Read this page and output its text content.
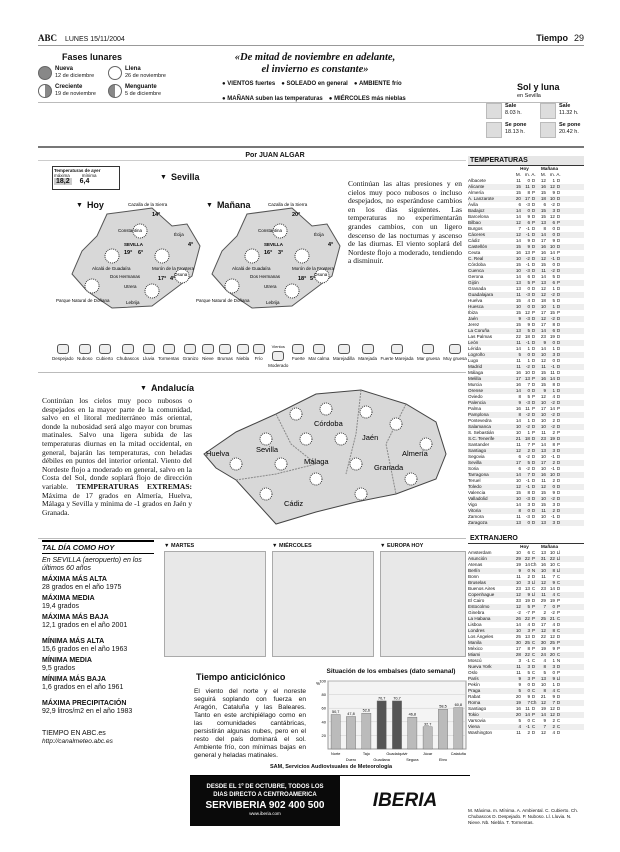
ABC LUNES 15/11/2004	Tiempo 29
Fases lunares
Nueva
12 de diciembre
Llena
26 de noviembre
Creciente
19 de noviembre
Menguante
5 de diciembre
«De mitad de noviembre en adelante,
el invierno es constante»
● VIENTOS fuertes ● SOLEADO en general ● AMBIENTE frío
● MAÑANA suben las temperaturas ● MIÉRCOLES más nieblas
Sol y luna
en Sevilla
Sale
8.03 h.
Sale
11.32 h.
Se pone
18.13 h.
Se pone
20.42 h.
Por JUAN ALGAR
Temperaturas de ayer
máxima	mínima
18,2 6,4
▼ Sevilla
▼ Hoy	▼ Mañana
Cazalla de la Sierra
Constantina
Écija
SEVILLA
Alcalá de Guadaíra
Dos Hermanas
Morón de la Frontera
Osuna
Utrera
Lebrija
Parque Natural de Doñana
Cazalla de la Sierra
Constantina
Écija
SEVILLA
Alcalá de Guadaíra
Dos Hermanas
Morón de la Frontera
Osuna
Utrera
Lebrija
Parque Natural de Doñana
14°
4°
19° 6°
17° 4°
20°
4°
16° 3°
18° 5°
Continúan las altas presiones y en cielos muy poco nubosos o incluso despejados, no esperándose cambios en los días siguientes. Las temperaturas no experimentarán grandes cambios, con un ligero descenso de las nocturnas y ascenso de las diurnas. El viento soplará del Nordeste flojo a moderado, tendiendo a disminuir.
Despejado Nuboso Cubierto Chubascos Lluvia Tormentas Granizo Nieve Brumas Niebla Frío
Vientos
Moderado
Fuerte Mar calma Marejadilla Marejada Fuerte Marejada Mar gruesa Muy gruesa
▼ Andalucía
Continúan los cielos muy poco nubosos o despejados en la mayor parte de la comunidad, salvo en el litoral mediterráneo más oriental, donde la nubosidad será algo mayor con brumas matinales. Salvo una ligera subida de las temperaturas diurnas en la mitad occidental, en general, bajarán las temperaturas, con heladas débiles en puntos del interior oriental. Viento del Nordeste flojo a moderado en general, salvo en la Costa del Sol, donde soplará flojo de dirección variable. TEMPERATURAS EXTREMAS: Máxima de 17 grados en Almería, Huelva, Málaga y Sevilla y mínima de -1 grados en Jaén y Granada.
Córdoba
Jaén
Huelva	Sevilla
Granada
Almería
Málaga
Cádiz
TAL DÍA COMO HOY

En SEVILLA (aeropuerto) en los últimos 60 años

MÁXIMA MÁS ALTA

28 grados en el año 1975

MÁXIMA MEDIA

19,4 grados

MÁXIMA MÁS BAJA

12,1 grados en el año 2001

MÍNIMA MÁS ALTA

15,6 grados en el año 1963

MÍNIMA MEDIA

9,5 grados

MÍNIMA MÁS BAJA

1,6 grados en el año 1961

MÁXIMA PRECIPITACIÓN

92,9 litros/m2 en el año 1983

TIEMPO EN ABC.es

http://canalmeteo.abc.es

▼ MARTES	▼ MIÉRCOLES	▼ EUROPA HOY
Tiempo anticiclónico
El viento del norte y el noreste seguirá soplando con fuerza en Aragón, Cataluña y las Baleares. Tanto en este archipiélago como en las comunidades cantábricas, persistirán algunas nubes, pero en el resto del país dominará el sol. Ambiente frío, con mínimas bajas en general y heladas matinales.
Situación de los embalses (dato semanal)
100
80
60
40
20
%
50,7
Norte
47,8
Duero
52,6
Tajo
70,7
Guadiana
70,7
Guadalquivir
46,8
Segura
32,7
Júcar
58,5
Ebro
60,8
Cataluña
SAM, Servicios Audiovisuales de Meteorología
DESDE EL 1º DE OCTUBRE, TODOS LOS
DIAS DIRECTO A CENTROAMERICA
SERVIBERIA 902 400 500
www.iberia.com
IBERIA
TEMPERATURAS
Hoy	Mañana
M. m. A.	M. m. A.
Albacete	11	0 D	12	1 D
Alicante	15 11 D	16 12 D
Almería	15	8 P	15	9 D
A. Lanzarote	20 17 D	18 10 D
Ávila	6	-3 D	6	-2 D
Badajoz	14	0 D	15	3 D
Barcelona	14	9 D	15 12 D
Bilbao	12	6 P	13	6 P
Burgos	7	-1 D	8	0 D
Cáceres	12	-1 D	14	0 D
Cádiz	14	9 D	17	9 D
Castellón	15	9 D	16 10 D
Ceuta	16 13 P	16 14 P
C. Real	10	-2 D	12	-1 D
Córdoba	15	-1 D	15	0 D
Cuenca	10	-3 D	11	-2 D
Gerona	14	6 D	14	5 D
Gijón	13	5 P	13	6 P
Granada	13	0 D	12	1 D
Guadalajara	11	-3 D	12	-2 D
Huelva	15	4 D	18	5 D
Huesca	10	0 D	10	1 D
Ibiza	15 12 P	17 15 P
Jaén	9	-3 D	12	-2 D
Jerez	15	9 D	17	8 D
La Coruña	13	5 D	14	6 D
Las Palmas	22 18 D	23 19 D
León	11	-1 D	9	0 D
Lérida	14	1 D	14	1 D
Logroño	5	0 D	10	3 D
Lugo	11	1 D	12	0 D
Madrid	11	-2 D	11	-1 D
Málaga	16 10 D	15 11 D
Melilla	17 13 P	16 14 D
Murcia	16	7 D	15	8 D
Orense	14	0 D	9	1 D
Oviedo	8	5 P	12	4 D
Palencia	9	-3 D	10	-2 D
Palma	16 11 P	17 14 P
Pamplona	8	-2 D	10	-2 D
Pontevedra	14	1 D	10	2 D
Salamanca	10	-2 D	10	-2 D
S. Sebastián	10	1 P	11	2 P
S.C. Tenerife	21 18 D	23 19 D
Santander	11	7 P	14	8 P
Santiago	12	2 D	13	3 D
Segovia	6	-2 D	10	-1 D
Sevilla	17	5 D	17	2 D
Soria	6	-2 D	10	-1 D
Tarragona	14	7 D	16 10 D
Teruel	10	-1 D	11	2 D
Toledo	12	-1 D	12	0 D
Valencia	15	8 D	15	9 D
Valladolid	10	-3 D	10	-2 D
Vigo	14	3 D	15	3 D
Vitoria	8	0 D	11	2 D
Zamora	11	-3 D	10	-1 D
Zaragoza	13	0 D	13	3 D
EXTRANJERO
Hoy	Mañana
Amsterdam	10	6 C	13 10 Ll
Asunción	29 22 P	31 22 Ll
Atenas	19 14 Ch 16 10 C
Berlín	9	0 N	10	8 Ll
Bonn	11	2 D	11	7 C
Bruselas	10	3 Ll	12	9 C
Buenos Aires	23 13 C	23 14 D
Copenhague	12	9 Ll	11	4 C
El Cairo	33 19 D	29 19 P
Estocolmo	12	5 P	7	0 P
Ginebra	-2	-7 P	2	-2 P
La Habana	26 22 P	25 21 C
Lisboa	14	4 D	17	4 D
Londres	10	3 P	12	8 C
Los Ángeles	25 13 D	22 12 D
Manila	30 25 C	30 25 P
México	17	8 P	19	9 P
Miami	28 22 C	24 20 C
Moscú	3	-1 C	4	1 N
Nueva York	11	3 D	8	3 D
Oslo	11	5 C	5	0 P
París	9	3 P	13	9 Ll
Pekín	9	0 D	10	1 D
Praga	5	0 C	8	4 C
Rabat	20	9 D	21	9 D
Roma	19	7 Ch 12	7 D
Santiago	16 11 D	19 12 D
Tokio	20 14 P	14 12 D
Varsovia	5	0 C	9	2 C
Viena	4	-1 C	7	2 C
Washington	11	2 D	12	4 D
M. Máxima. m. Mínima. A. Ambiental. C. Cubierto. Ch. Chubascos D. Despejado. P. Nuboso. Ll. Lluvia. N. Nieve. Nb. Niebla. T. Tormentas.
